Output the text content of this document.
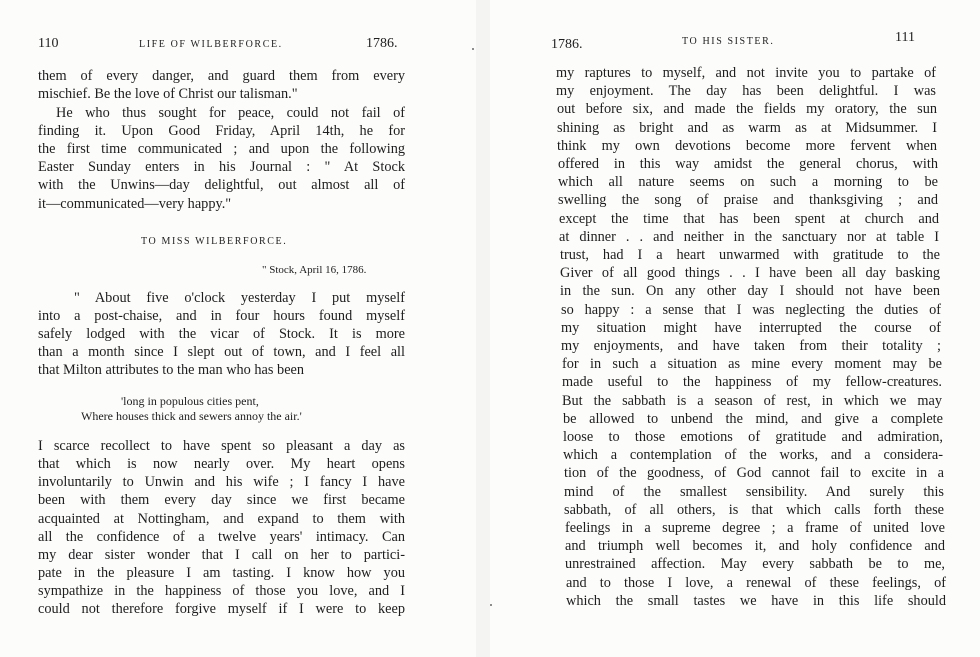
110	LIFE OF WILBERFORCE.	1786.
them of every danger, and guard them from every
mischief. Be the love of Christ our talisman."
He who thus sought for peace, could not fail of
finding it. Upon Good Friday, April 14th, he for
the first time communicated ; and upon the following
Easter Sunday enters in his Journal : " At Stock
with the Unwins—day delightful, out almost all of
it—communicated—very happy."
TO MISS WILBERFORCE.
" Stock, April 16, 1786.
" About five o'clock yesterday I put myself
into a post-chaise, and in four hours found myself
safely lodged with the vicar of Stock. It is more
than a month since I slept out of town, and I feel all
that Milton attributes to the man who has been
'long in populous cities pent,
Where houses thick and sewers annoy the air.'
I scarce recollect to have spent so pleasant a day as
that which is now nearly over. My heart opens
involuntarily to Unwin and his wife ; I fancy I have
been with them every day since we first became
acquainted at Nottingham, and expand to them with
all the confidence of a twelve years' intimacy. Can
my dear sister wonder that I call on her to partici-
pate in the pleasure I am tasting. I know how you
sympathize in the happiness of those you love, and I
could not therefore forgive myself if I were to keep
1786.	TO HIS SISTER.	111
my raptures to myself, and not invite you to partake of
my enjoyment. The day has been delightful. I was
out before six, and made the fields my oratory, the sun
shining as bright and as warm as at Midsummer. I
think my own devotions become more fervent when
offered in this way amidst the general chorus, with
which all nature seems on such a morning to be
swelling the song of praise and thanksgiving ; and
except the time that has been spent at church and
at dinner . . and neither in the sanctuary nor at table I
trust, had I a heart unwarmed with gratitude to the
Giver of all good things . . I have been all day basking
in the sun. On any other day I should not have been
so happy : a sense that I was neglecting the duties of
my situation might have interrupted the course of
my enjoyments, and have taken from their totality ;
for in such a situation as mine every moment may be
made useful to the happiness of my fellow-creatures.
But the sabbath is a season of rest, in which we may
be allowed to unbend the mind, and give a complete
loose to those emotions of gratitude and admiration,
which a contemplation of the works, and a considera-
tion of the goodness, of God cannot fail to excite in a
mind of the smallest sensibility. And surely this
sabbath, of all others, is that which calls forth these
feelings in a supreme degree ; a frame of united love
and triumph well becomes it, and holy confidence and
unrestrained affection. May every sabbath be to me,
and to those I love, a renewal of these feelings, of
which the small tastes we have in this life should
